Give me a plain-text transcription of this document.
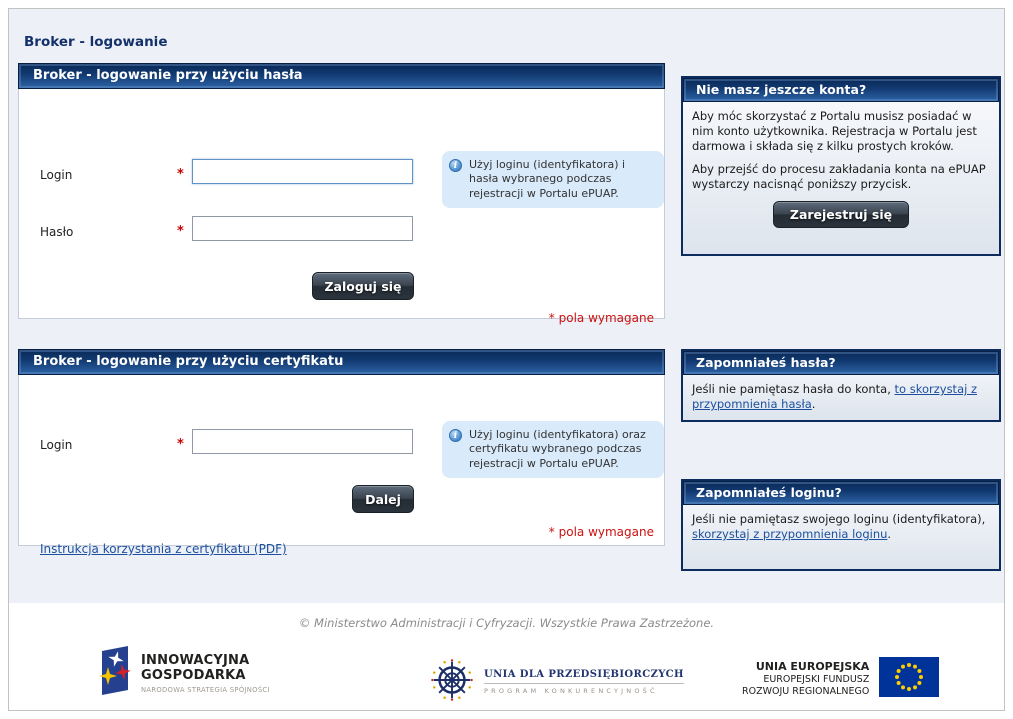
Broker - logowanie
Broker - logowanie przy użyciu hasła
Login	*
i	Użyj loginu (identyfikatora) i hasła wybranego podczas rejestracji w Portalu ePUAP.
Hasło	*
Zaloguj się
* pola wymagane
Broker - logowanie przy użyciu certyfikatu
Login	*
i	Użyj loginu (identyfikatora) oraz certyfikatu wybranego podczas rejestracji w Portalu ePUAP.
Dalej
* pola wymagane
Instrukcja korzystania z certyfikatu (PDF)
Nie masz jeszcze konta?

Aby móc skorzystać z Portalu musisz posiadać w nim konto użytkownika. Rejestracja w Portalu jest darmowa i składa się z kilku prostych kroków.

Aby przejść do procesu zakładania konta na ePUAP wystarczy nacisnąć poniższy przycisk.

Zarejestruj się
Zapomniałeś hasła?
Jeśli nie pamiętasz hasła do konta, to skorzystaj z przypomnienia hasła.
Zapomniałeś loginu?
Jeśli nie pamiętasz swojego loginu (identyfikatora), skorzystaj z przypomnienia loginu.
© Ministerstwo Administracji i Cyfryzacji. Wszystkie Prawa Zastrzeżone.
INNOWACYJNA
GOSPODARKA
NARODOWA STRATEGIA SPÓJNOŚCI
UNIA DLA PRZEDSIĘBIORCZYCH
PROGRAM KONKURENCYJNOŚĆ
UNIA EUROPEJSKA
EUROPEJSKI FUNDUSZ
ROZWOJU REGIONALNEGO
